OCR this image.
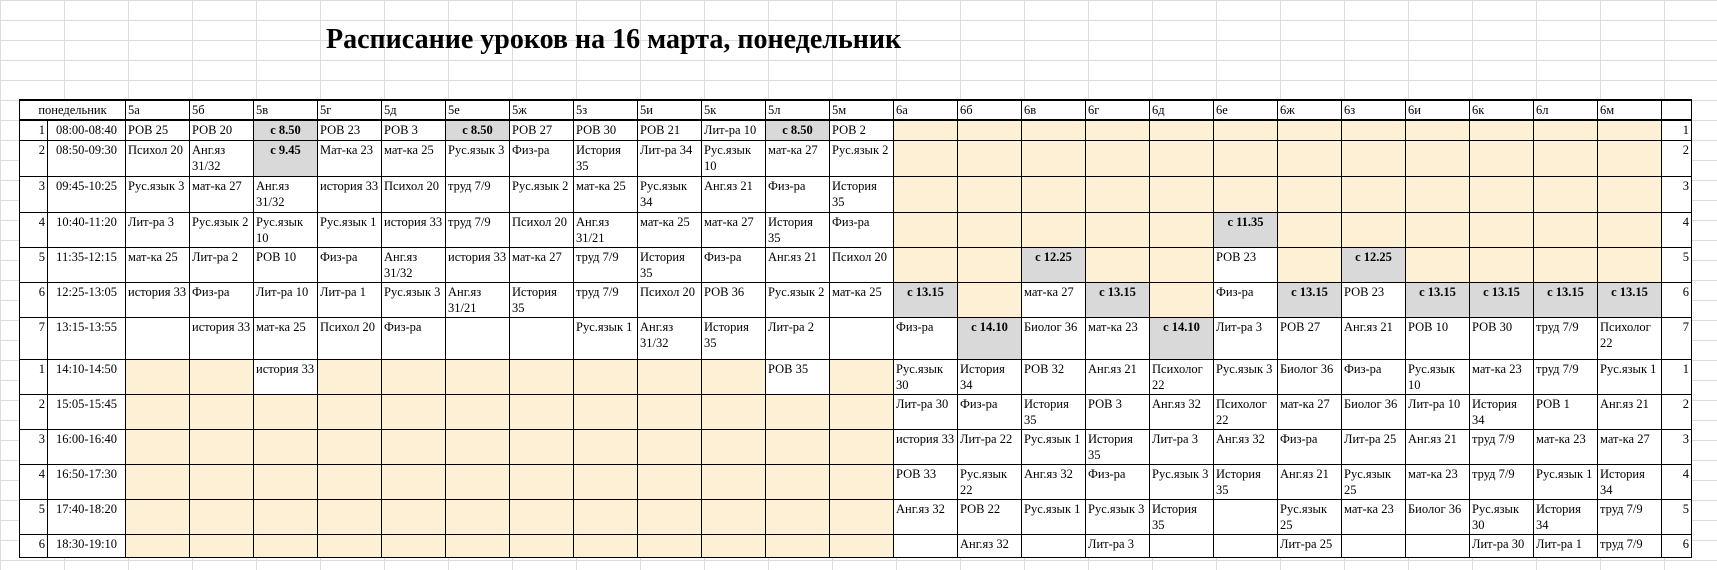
Расписание уроков на 16 марта, понедельник
понедельник		5а	5б	5в	5г	5д	5е	5ж	5з	5и	5к	5л	5м	6а	6б	6в	6г	6д	6е	6ж	6з	6и	6к	6л	6м	
1	08:00-08:40	РОВ 25	РОВ 20	с 8.50	РОВ 23	РОВ 3	с 8.50	РОВ 27	РОВ 30	РОВ 21	Лит-ра 10	с 8.50	РОВ 2													1
2	08:50-09:30	Психол 20	Анг.яз 31/32	с 9.45	Мат-ка 23	мат-ка 25	Рус.язык 3	Физ-ра	История 35	Лит-ра 34	Рус.язык 10	мат-ка 27	Рус.язык 2													2
3	09:45-10:25	Рус.язык 3	мат-ка 27	Анг.яз 31/32	история 33	Психол 20	труд 7/9	Рус.язык 2	мат-ка 25	Рус.язык 34	Анг.яз 21	Физ-ра	История 35													3
4	10:40-11:20	Лит-ра 3	Рус.язык 2	Рус.язык 10	Рус.язык 1	история 33	труд 7/9	Психол 20	Анг.яз 31/21	мат-ка 25	мат-ка 27	История 35	Физ-ра						с 11.35							4
5	11:35-12:15	мат-ка 25	Лит-ра 2	РОВ 10	Физ-ра	Анг.яз 31/32	история 33	мат-ка 27	труд 7/9	История 35	Физ-ра	Анг.яз 21	Психол 20			с 12.25			РОВ 23		с 12.25					5
6	12:25-13:05	история 33	Физ-ра	Лит-ра 10	Лит-ра 1	Рус.язык 3	Анг.яз 31/21	История 35	труд 7/9	Психол 20	РОВ 36	Рус.язык 2	мат-ка 25	с 13.15		мат-ка 27	с 13.15		Физ-ра	с 13.15	РОВ 23	с 13.15	с 13.15	с 13.15	с 13.15	6
7	13:15-13:55		история 33	мат-ка 25	Психол 20	Физ-ра			Рус.язык 1	Анг.яз 31/32	История 35	Лит-ра 2		Физ-ра	с 14.10	Биолог 36	мат-ка 23	с 14.10	Лит-ра 3	РОВ 27	Анг.яз 21	РОВ 10	РОВ 30	труд 7/9	Психолог 22	7
1	14:10-14:50			история 33								РОВ 35		Рус.язык 30	История 34	РОВ 32	Анг.яз 21	Психолог 22	Рус.язык 3	Биолог 36	Физ-ра	Рус.язык 10	мат-ка 23	труд 7/9	Рус.язык 1	1
2	15:05-15:45													Лит-ра 30	Физ-ра	История 35	РОВ 3	Анг.яз 32	Психолог 22	мат-ка 27	Биолог 36	Лит-ра 10	История 34	РОВ 1	Анг.яз 21	2
3	16:00-16:40													история 33	Лит-ра 22	Рус.язык 1	История 35	Лит-ра 3	Анг.яз 32	Физ-ра	Лит-ра 25	Анг.яз 21	труд 7/9	мат-ка 23	мат-ка 27	3
4	16:50-17:30													РОВ 33	Рус.язык 22	Анг.яз 32	Физ-ра	Рус.язык 3	История 35	Анг.яз 21	Рус.язык 25	мат-ка 23	труд 7/9	Рус.язык 1	История 34	4
5	17:40-18:20													Анг.яз 32	РОВ 22	Рус.язык 1	Рус.язык 3	История 35		Рус.язык 25	мат-ка 23	Биолог 36	Рус.язык 30	История 34	труд 7/9	5
6	18:30-19:10														Анг.яз 32		Лит-ра 3			Лит-ра 25			Лит-ра 30	Лит-ра 1	труд 7/9	6
